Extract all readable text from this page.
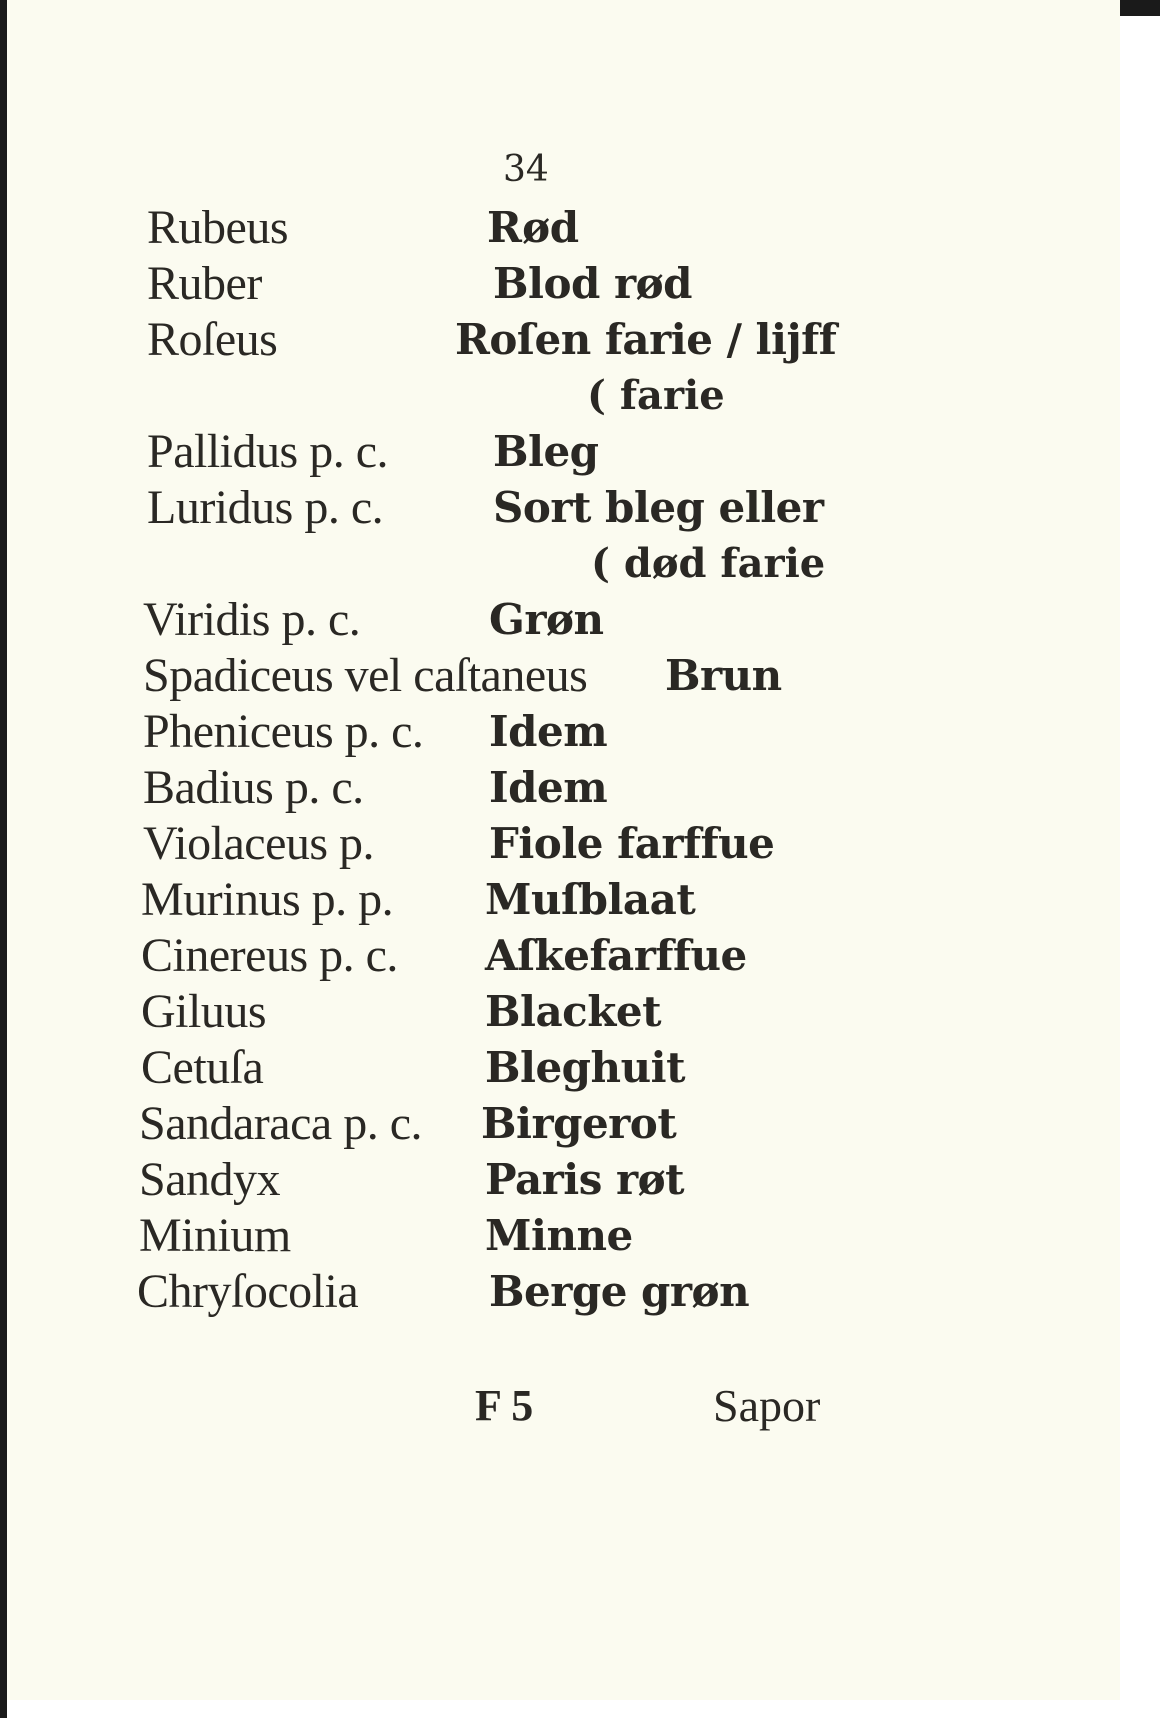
34
Rubeus	Rød
Ruber	Blod rød
Roſeus	Roſen farie / lijff
( farie
Pallidus p. c.	Bleg
Luridus p. c.	Sort bleg eller
( død farie
Viridis p. c.	Grøn
Spadiceus vel caſtaneus Brun
Pheniceus p. c. Idem
Badius p. c.	Idem
Violaceus p.	Fiole farffue
Murinus p. p. Muſblaat
Cinereus p. c. Aſkefarffue
Giluus	Blacket
Cetuſa	Bleghuit
Sandaraca p. c. Birgerot
Sandyx	Paris røt
Minium	Minne
Chryſocolia	Berge grøn
F 5	Sapor
